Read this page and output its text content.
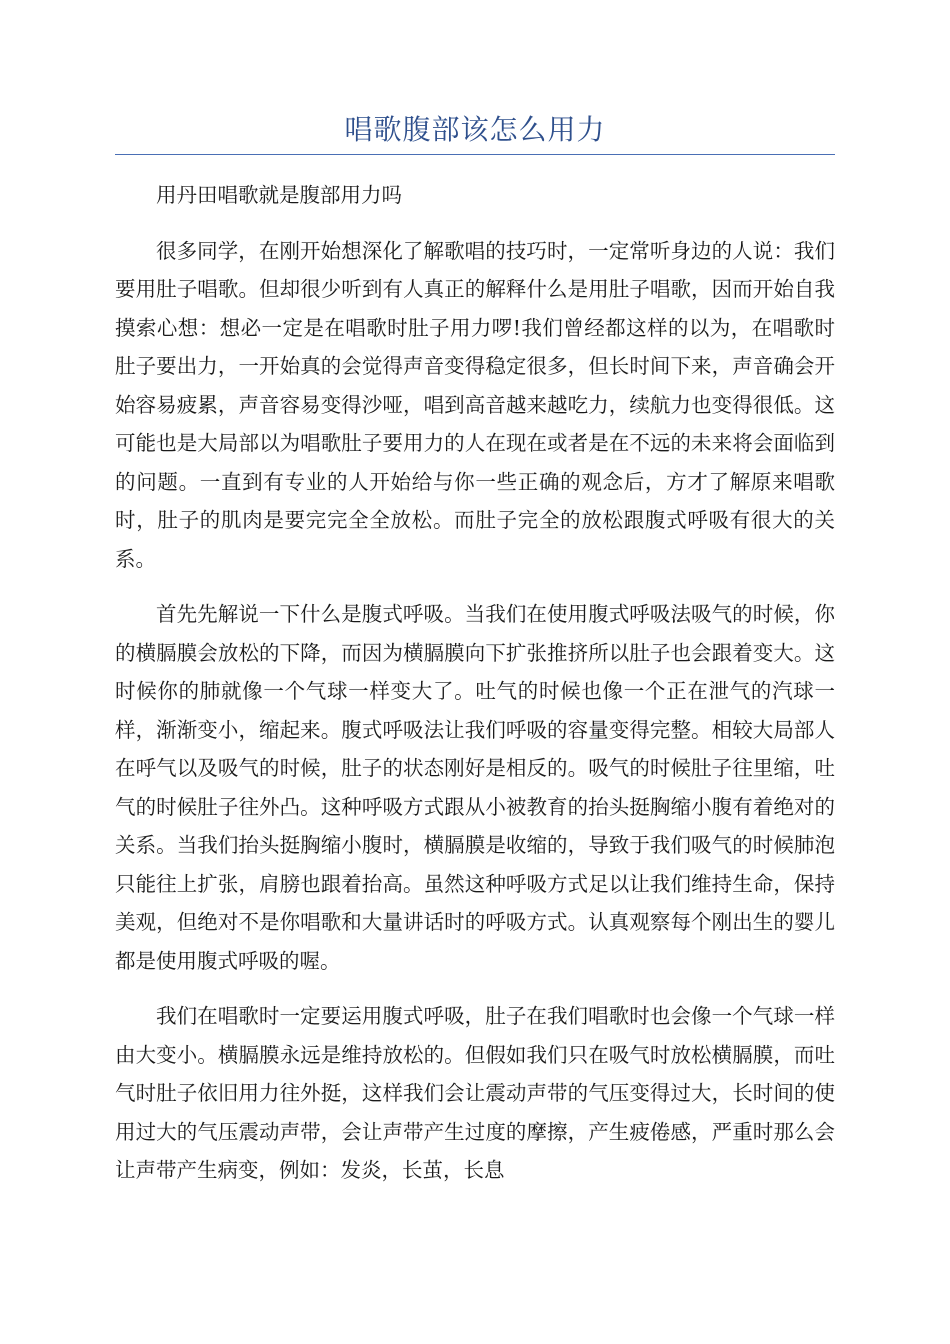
唱歌腹部该怎么用力

用丹田唱歌就是腹部用力吗

很多同学，在刚开始想深化了解歌唱的技巧时，一定常听身边的人说：我们要用肚子唱歌。但却很少听到有人真正的解释什么是用肚子唱歌，因而开始自我摸索心想：想必一定是在唱歌时肚子用力啰!我们曾经都这样的以为，在唱歌时肚子要出力，一开始真的会觉得声音变得稳定很多，但长时间下来，声音确会开始容易疲累，声音容易变得沙哑，唱到高音越来越吃力，续航力也变得很低。这可能也是大局部以为唱歌肚子要用力的人在现在或者是在不远的未来将会面临到的问题。一直到有专业的人开始给与你一些正确的观念后，方才了解原来唱歌时，肚子的肌肉是要完完全全放松。而肚子完全的放松跟腹式呼吸有很大的关系。

首先先解说一下什么是腹式呼吸。当我们在使用腹式呼吸法吸气的时候，你的横膈膜会放松的下降，而因为横膈膜向下扩张推挤所以肚子也会跟着变大。这时候你的肺就像一个气球一样变大了。吐气的时候也像一个正在泄气的汽球一样，渐渐变小，缩起来。腹式呼吸法让我们呼吸的容量变得完整。相较大局部人在呼气以及吸气的时候，肚子的状态刚好是相反的。吸气的时候肚子往里缩，吐气的时候肚子往外凸。这种呼吸方式跟从小被教育的抬头挺胸缩小腹有着绝对的关系。当我们抬头挺胸缩小腹时，横膈膜是收缩的，导致于我们吸气的时候肺泡只能往上扩张，肩膀也跟着抬高。虽然这种呼吸方式足以让我们维持生命，保持美观，但绝对不是你唱歌和大量讲话时的呼吸方式。认真观察每个刚出生的婴儿都是使用腹式呼吸的喔。

我们在唱歌时一定要运用腹式呼吸，肚子在我们唱歌时也会像一个气球一样由大变小。横膈膜永远是维持放松的。但假如我们只在吸气时放松横膈膜，而吐气时肚子依旧用力往外挺，这样我们会让震动声带的气压变得过大，长时间的使用过大的气压震动声带，会让声带产生过度的摩擦，产生疲倦感，严重时那么会让声带产生病变，例如：发炎，长茧，长息
